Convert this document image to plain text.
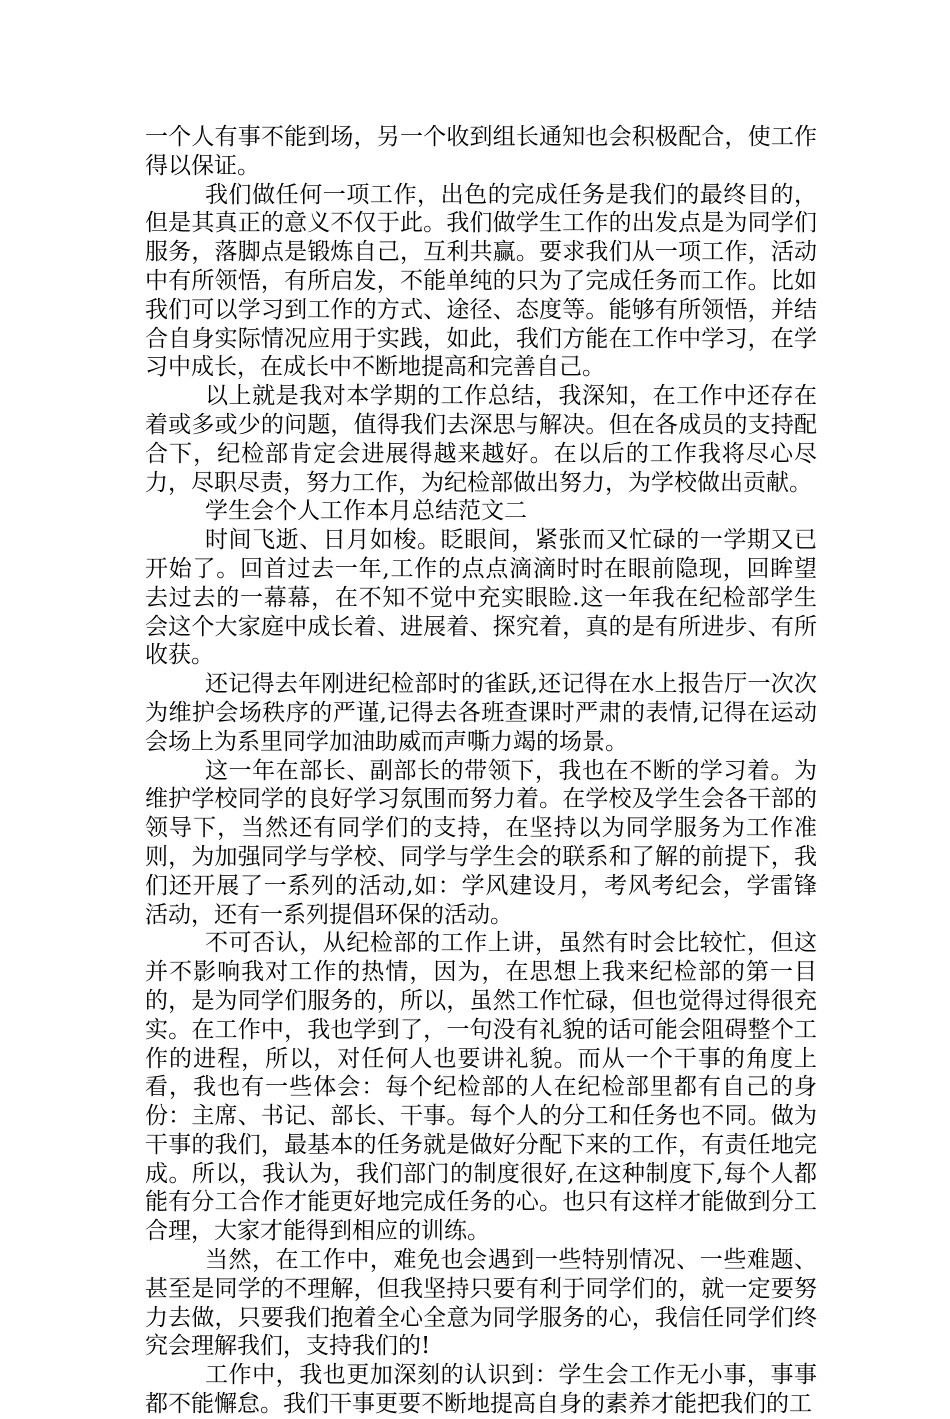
一个人有事不能到场，另一个收到组长通知也会积极配合，使工作得以保证。

我们做任何一项工作，出色的完成任务是我们的最终目的，但是其真正的意义不仅于此。我们做学生工作的出发点是为同学们服务，落脚点是锻炼自己，互利共赢。要求我们从一项工作，活动中有所领悟，有所启发，不能单纯的只为了完成任务而工作。比如我们可以学习到工作的方式、途径、态度等。能够有所领悟，并结合自身实际情况应用于实践，如此，我们方能在工作中学习，在学习中成长，在成长中不断地提高和完善自己。

以上就是我对本学期的工作总结，我深知，在工作中还存在着或多或少的问题，值得我们去深思与解决。但在各成员的支持配合下，纪检部肯定会进展得越来越好。在以后的工作我将尽心尽力，尽职尽责，努力工作，为纪检部做出努力，为学校做出贡献。

学生会个人工作本月总结范文二

时间飞逝、日月如梭。眨眼间，紧张而又忙碌的一学期又已开始了。回首过去一年,工作的点点滴滴时时在眼前隐现，回眸望去过去的一幕幕，在不知不觉中充实眼睑.这一年我在纪检部学生会这个大家庭中成长着、进展着、探究着，真的是有所进步、有所收获。

还记得去年刚进纪检部时的雀跃,还记得在水上报告厅一次次为维护会场秩序的严谨,记得去各班查课时严肃的表情,记得在运动会场上为系里同学加油助威而声嘶力竭的场景。

这一年在部长、副部长的带领下，我也在不断的学习着。为维护学校同学的良好学习氛围而努力着。在学校及学生会各干部的领导下，当然还有同学们的支持，在坚持以为同学服务为工作准则，为加强同学与学校、同学与学生会的联系和了解的前提下，我们还开展了一系列的活动,如：学风建设月，考风考纪会，学雷锋活动，还有一系列提倡环保的活动。

不可否认，从纪检部的工作上讲，虽然有时会比较忙，但这并不影响我对工作的热情，因为，在思想上我来纪检部的第一目的，是为同学们服务的，所以，虽然工作忙碌，但也觉得过得很充实。在工作中，我也学到了，一句没有礼貌的话可能会阻碍整个工作的进程，所以，对任何人也要讲礼貌。而从一个干事的角度上看，我也有一些体会：每个纪检部的人在纪检部里都有自己的身份：主席、书记、部长、干事。每个人的分工和任务也不同。做为干事的我们，最基本的任务就是做好分配下来的工作，有责任地完成。所以，我认为，我们部门的制度很好,在这种制度下,每个人都能有分工合作才能更好地完成任务的心。也只有这样才能做到分工合理，大家才能得到相应的训练。

当然，在工作中，难免也会遇到一些特别情况、一些难题、甚至是同学的不理解，但我坚持只要有利于同学们的，就一定要努力去做，只要我们抱着全心全意为同学服务的心，我信任同学们终究会理解我们，支持我们的!

工作中，我也更加深刻的认识到：学生会工作无小事，事事都不能懈怠。我们干事更要不断地提高自身的素养才能把我们的工
